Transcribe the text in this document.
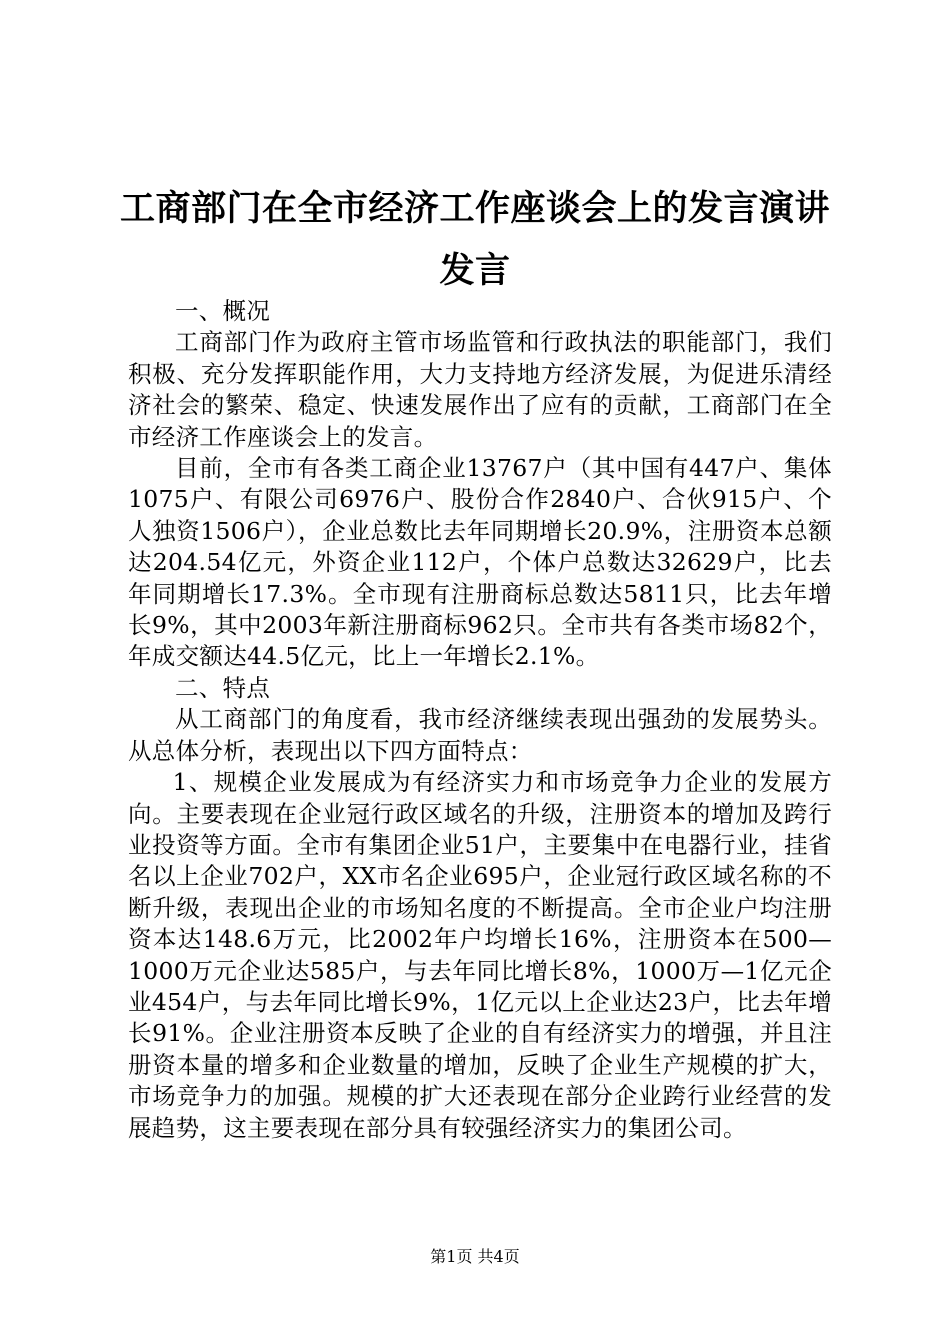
工商部门在全市经济工作座谈会上的发言演讲
发言

一、概况

工商部门作为政府主管市场监管和行政执法的职能部门，我们积极、充分发挥职能作用，大力支持地方经济发展，为促进乐清经济社会的繁荣、稳定、快速发展作出了应有的贡献，工商部门在全市经济工作座谈会上的发言。

目前，全市有各类工商企业13767户（其中国有447户、集体1075户、有限公司6976户、股份合作2840户、合伙915户、个人独资1506户），企业总数比去年同期增长20.9%，注册资本总额达204.54亿元，外资企业112户，个体户总数达32629户，比去年同期增长17.3%。全市现有注册商标总数达5811只，比去年增长9%，其中2003年新注册商标962只。全市共有各类市场82个，年成交额达44.5亿元，比上一年增长2.1%。

二、特点

从工商部门的角度看，我市经济继续表现出强劲的发展势头。从总体分析，表现出以下四方面特点：

1、规模企业发展成为有经济实力和市场竞争力企业的发展方向。主要表现在企业冠行政区域名的升级，注册资本的增加及跨行业投资等方面。全市有集团企业51户，主要集中在电器行业，挂省名以上企业702户，XX市名企业695户，企业冠行政区域名称的不断升级，表现出企业的市场知名度的不断提高。全市企业户均注册资本达148.6万元，比2002年户均增长16%，注册资本在500—1000万元企业达585户，与去年同比增长8%，1000万—1亿元企业454户，与去年同比增长9%，1亿元以上企业达23户，比去年增长91%。企业注册资本反映了企业的自有经济实力的增强，并且注册资本量的增多和企业数量的增加，反映了企业生产规模的扩大，市场竞争力的加强。规模的扩大还表现在部分企业跨行业经营的发展趋势，这主要表现在部分具有较强经济实力的集团公司。

第1页 共4页
